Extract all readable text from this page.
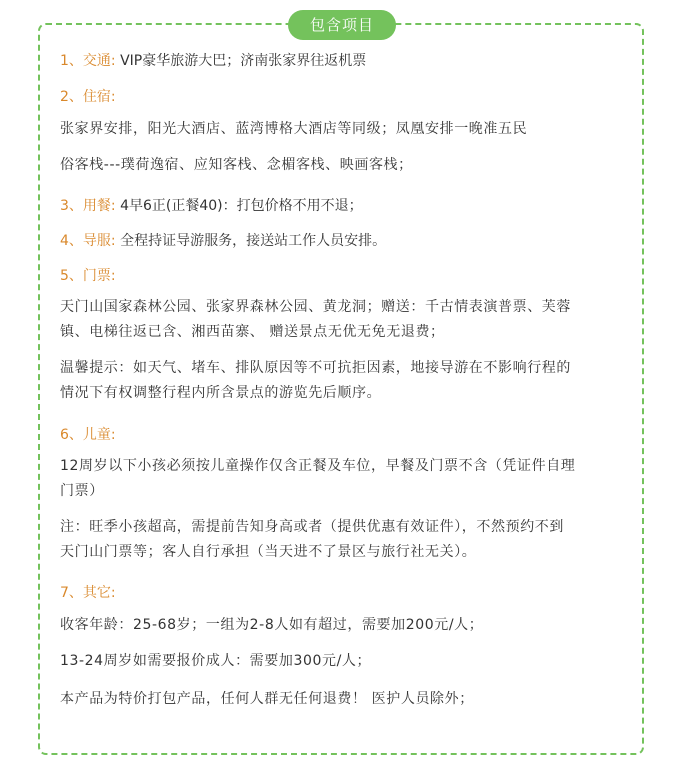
包含项目
1、交通: VIP豪华旅游大巴；济南张家界往返机票
2、住宿:
张家界安排，阳光大酒店、蓝湾博格大酒店等同级；凤凰安排一晚准五民
俗客栈---璞荷逸宿、应知客栈、念楣客栈、映画客栈；
3、用餐: 4早6正(正餐40)：打包价格不用不退；
4、导服: 全程持证导游服务，接送站工作人员安排。
5、门票:
天门山国家森林公园、张家界森林公园、黄龙洞；赠送：千古情表演普票、芙蓉
镇、电梯往返已含、湘西苗寨、 赠送景点无优无免无退费；
温馨提示：如天气、堵车、排队原因等不可抗拒因素，地接导游在不影响行程的
情况下有权调整行程内所含景点的游览先后顺序。
6、儿童:
12周岁以下小孩必须按儿童操作仅含正餐及车位，早餐及门票不含（凭证件自理
门票）
注：旺季小孩超高，需提前告知身高或者（提供优惠有效证件），不然预约不到
天门山门票等；客人自行承担（当天进不了景区与旅行社无关）。
7、其它:
收客年龄：25-68岁；一组为2-8人如有超过，需要加200元/人；
13-24周岁如需要报价成人：需要加300元/人；
本产品为特价打包产品，任何人群无任何退费！ 医护人员除外；
